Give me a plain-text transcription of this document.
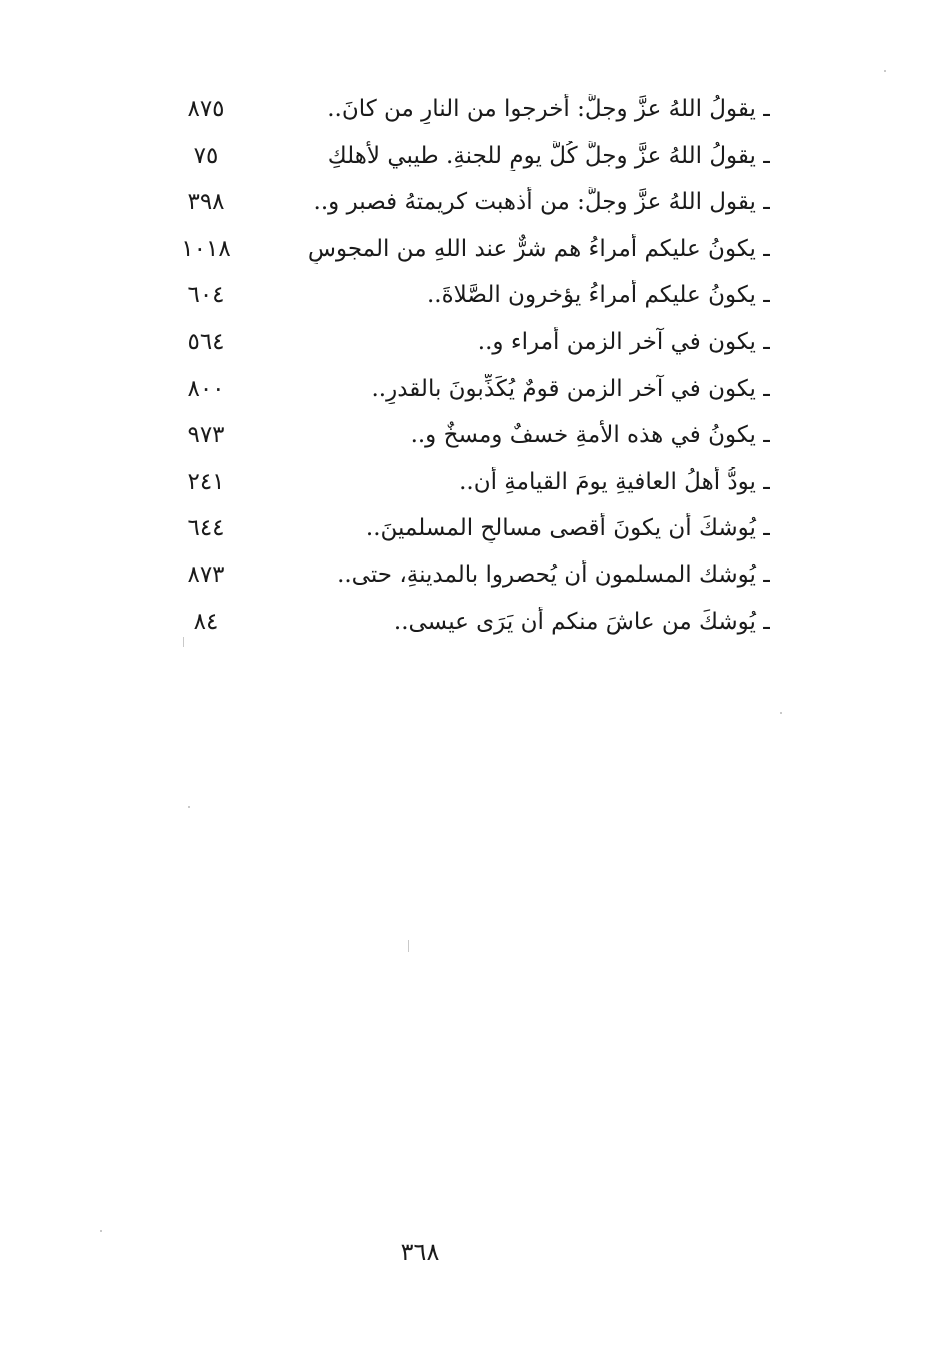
ـ يقولُ اللهُ عزَّ وجلَّ: أخرجوا من النارِ من كانَ..
٨٧٥
ـ يقولُ اللهُ عزَّ وجلَّ كُلَّ يومٍ للجنةِ. طيبي لأهلكِ
٧٥
ـ يقول اللهُ عزَّ وجلَّ: من أذهبت كريمتهُ فصبر و..
٣٩٨
ـ يكونُ عليكم أمراءُ هم شرٌّ عند اللهِ من المجوسِ
١٠١٨
ـ يكونُ عليكم أمراءُ يؤخرون الصَّلاةَ..
٦٠٤
ـ يكون في آخر الزمن أُمراء و..
٥٦٤
ـ يكون في آخر الزمن قومٌ يُكَذِّبونَ بالقدرِ..
٨٠٠
ـ يكونُ في هذه الأُمةِ خسفٌ ومسخٌ و..
٩٧٣
ـ يودُّ أهلُ العافيةِ يومَ القيامةِ أن..
٢٤١
ـ يُوشكَ أن يكونَ أقصى مسالحِ المسلمينَ..
٦٤٤
ـ يُوشك المسلمون أن يُحصروا بالمدينةِ، حتى..
٨٧٣
ـ يُوشكَ من عاشَ منكم أن يَرَى عيسى..
٨٤
٣٦٨
